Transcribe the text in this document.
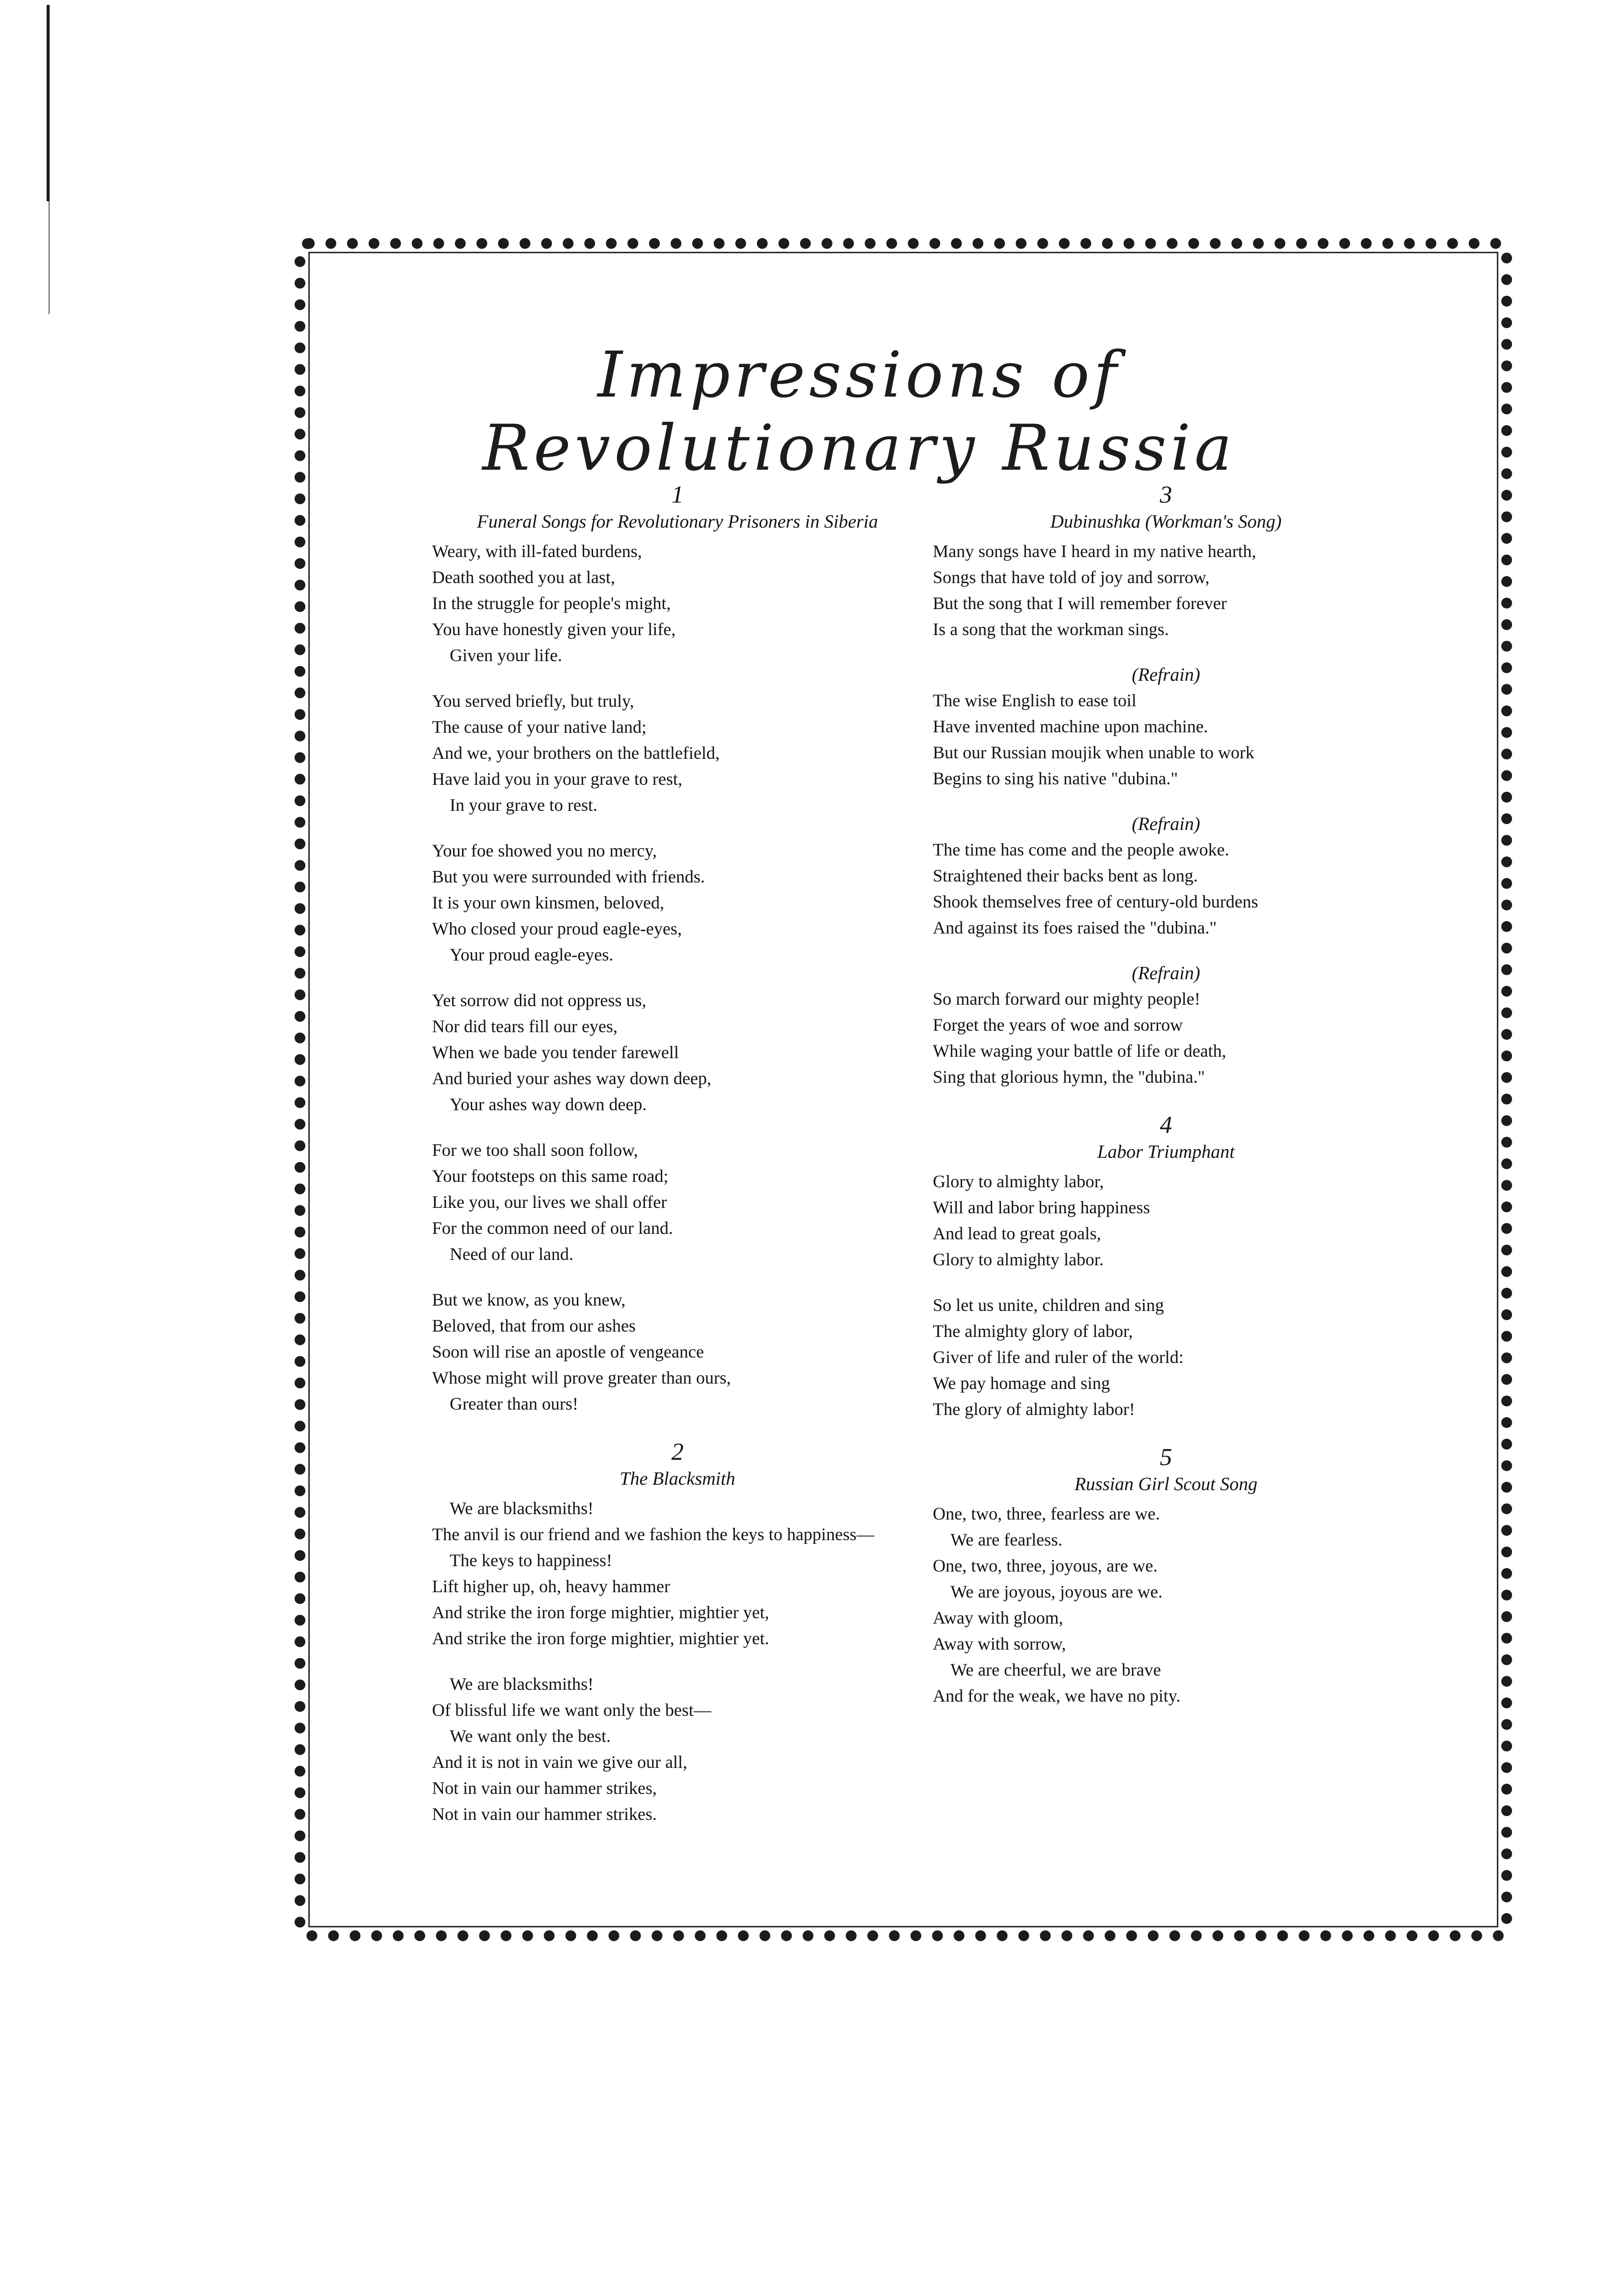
Impressions of Revolutionary Russia
1
Funeral Songs for Revolutionary Prisoners in Siberia
Weary, with ill-fated burdens,
Death soothed you at last,
In the struggle for people's might,
You have honestly given your life,
Given your life.
You served briefly, but truly,
The cause of your native land;
And we, your brothers on the battlefield,
Have laid you in your grave to rest,
In your grave to rest.
Your foe showed you no mercy,
But you were surrounded with friends.
It is your own kinsmen, beloved,
Who closed your proud eagle-eyes,
Your proud eagle-eyes.
Yet sorrow did not oppress us,
Nor did tears fill our eyes,
When we bade you tender farewell
And buried your ashes way down deep,
Your ashes way down deep.
For we too shall soon follow,
Your footsteps on this same road;
Like you, our lives we shall offer
For the common need of our land.
Need of our land.
But we know, as you knew,
Beloved, that from our ashes
Soon will rise an apostle of vengeance
Whose might will prove greater than ours,
Greater than ours!
2
The Blacksmith
We are blacksmiths!
The anvil is our friend and we fashion the keys to happiness—
The keys to happiness!
Lift higher up, oh, heavy hammer
And strike the iron forge mightier, mightier yet,
And strike the iron forge mightier, mightier yet.
We are blacksmiths!
Of blissful life we want only the best—
We want only the best.
And it is not in vain we give our all,
Not in vain our hammer strikes,
Not in vain our hammer strikes.
3
Dubinushka (Workman's Song)
Many songs have I heard in my native hearth,
Songs that have told of joy and sorrow,
But the song that I will remember forever
Is a song that the workman sings.
(Refrain)
The wise English to ease toil
Have invented machine upon machine.
But our Russian moujik when unable to work
Begins to sing his native "dubina."
(Refrain)
The time has come and the people awoke.
Straightened their backs bent as long.
Shook themselves free of century-old burdens
And against its foes raised the "dubina."
(Refrain)
So march forward our mighty people!
Forget the years of woe and sorrow
While waging your battle of life or death,
Sing that glorious hymn, the "dubina."
4
Labor Triumphant
Glory to almighty labor,
Will and labor bring happiness
And lead to great goals,
Glory to almighty labor.
So let us unite, children and sing
The almighty glory of labor,
Giver of life and ruler of the world:
We pay homage and sing
The glory of almighty labor!
5
Russian Girl Scout Song
One, two, three, fearless are we.
We are fearless.
One, two, three, joyous, are we.
We are joyous, joyous are we.
Away with gloom,
Away with sorrow,
We are cheerful, we are brave
And for the weak, we have no pity.
